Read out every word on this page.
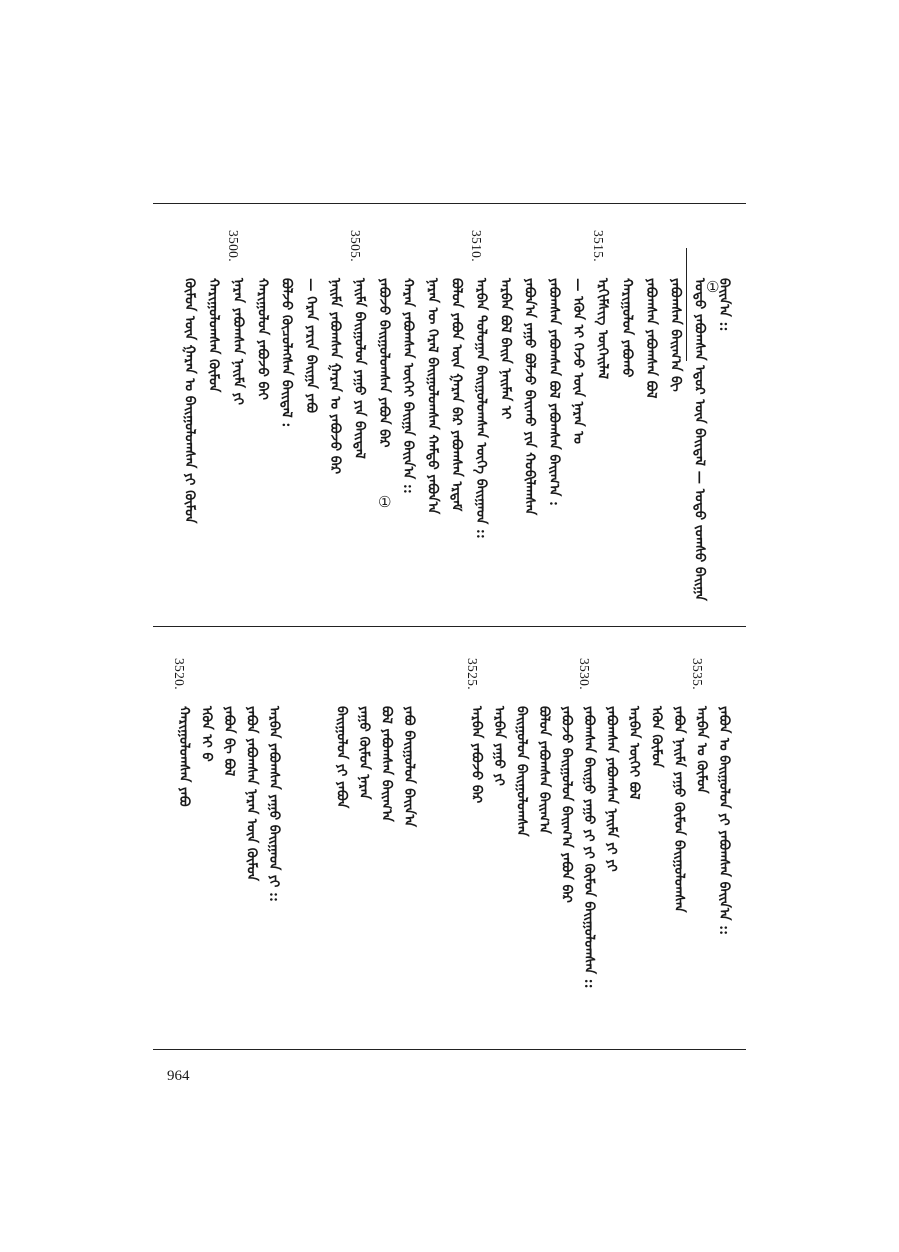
ᠪᠠᠢᠨ᠎ᠠ ::
ᠤᠳᠤ ᠶᠠᠪᠤᠭᠰᠠᠨ ᠡᠳᠦᠷ ᠦᠨ ᠪᠠᠢᠳᠠᠯ — ᠤᠳᠤ ᠵᠣᠭᠰᠤ ᠪᠠᠢᠭᠠ
ᠶᠠᠪᠤᠭᠰᠠᠨ ᠪᠠᠢᠭ᠎ᠠ ᠪᠢ
ᠶᠠᠪᠤᠭᠰᠠᠨ ᠶᠠᠪᠤᠭᠰᠠᠨ ᠪᠣᠯ
ᠬᠠᠷᠢᠭᠤᠯᠤᠨ ᠶᠠᠪᠤᠬᠤ
3515.
ᠡᠷᠬᠢᠮᠰᠢᠭ ᠦᠭᠡᠢᠯᠡᠯ
— ᠡᠭᠦᠨ ᠢ ᠭᠡᠵᠦ ᠦᠨ ᠨᠠᠷᠠᠨ ᠤ
ᠶᠠᠪᠤᠭᠰᠠᠨ ᠶᠠᠪᠤᠭᠰᠠᠨ ᠪᠣᠯ ᠶᠠᠪᠤᠭᠰᠠᠨ ᠪᠠᠢᠭ᠎ᠠ :
ᠶᠠᠪᠤᠨ᠎ᠠ ᠶᠠᠭᠤ ᠪᠣᠯᠵᠤ ᠪᠠᠢᠬᠤ ᠶᠢᠨ ᠬᠤᠪᠢᠯᠠᠭᠰᠠᠨ
ᠠᠷᠪᠠᠨ ᠪᠣᠯ ᠪᠠᠢᠨ ᠨᠠᠢᠮᠠᠨ ᠢ
3510.
ᠠᠷᠪᠠᠨ ᠳᠣᠯᠣᠭᠠᠨ ᠪᠠᠢᠭᠤᠯᠤᠭᠰᠠᠨ ᠦᠭᠡ ᠪᠠᠢᠭᠠᠳ ::
ᠪᠣᠯᠤᠨ ᠶᠠᠪᠤᠨ ᠦᠨ ᠭᠠᠷᠠᠨ ᠪᠠᠷ ᠶᠠᠪᠤᠭᠰᠠᠨ ᠡᠷᠳᠡᠮ
ᠨᠠᠷᠠᠨ ᠦ ᠭᠡᠷᠡᠯ ᠪᠠᠢᠭᠤᠯᠤᠭᠰᠠᠨ ᠬᠠᠮᠲᠤ ᠶᠠᠪᠤᠨ᠎ᠠ
ᠬᠠᠷᠠᠨ ᠶᠠᠪᠤᠭᠰᠠᠨ ᠦᠭᠡᠢ ᠪᠠᠢᠭᠠ ᠪᠠᠢᠨ᠎ᠠ ::
ᠶᠠᠪᠤᠵᠤ ᠪᠠᠢᠭᠤᠯᠤᠭᠰᠠᠨ ᠶᠠᠪᠤᠨ ᠪᠠᠷ
3505.
ᠨᠠᠢᠮᠠ ᠪᠠᠢᠭᠤᠯᠤᠨ ᠶᠠᠭᠤ ᠶᠢᠨ ᠪᠠᠢᠳᠠᠯ
ᠨᠠᠢᠮᠠ ᠶᠠᠪᠤᠭᠰᠠᠨ ᠭᠠᠷᠠᠨ ᠤ ᠶᠠᠪᠤᠵᠤ ᠪᠠᠷ
— ᠬᠡᠷᠡᠨ ᠶᠠᠷᠢᠨ ᠪᠠᠢᠭᠠ ᠶᠠᠪᠤ
ᠪᠣᠯᠵᠤ ᠬᠦᠴᠦᠯᠡᠭᠰᠡᠨ ᠪᠠᠢᠳᠠᠯ :
ᠬᠠᠷᠢᠭᠤᠯᠤᠨ ᠶᠠᠪᠤᠵᠤ ᠪᠠᠢ
3500.
ᠨᠠᠷᠠᠨ ᠶᠠᠪᠤᠭᠰᠠᠨ ᠨᠠᠢᠮᠠ ᠶᠢ
ᠬᠠᠷᠢᠭᠤᠯᠤᠭᠰᠠᠨ ᠬᠦᠮᠦᠨ
ᠬᠦᠮᠦᠨ ᠦᠨ ᠭᠠᠷᠠᠨ ᠤ ᠪᠠᠢᠭᠤᠯᠤᠭᠰᠠᠨ ᠶᠢ ᠬᠦᠮᠦᠨ
ᠶᠠᠪᠤᠨ ᠤ ᠪᠠᠢᠭᠤᠯᠤᠨ ᠶᠢ ᠶᠠᠪᠤᠭᠰᠠᠨ ᠪᠠᠢᠨ᠎ᠠ ::
3535.
ᠠᠷᠪᠠᠨ ᠤ ᠬᠦᠮᠦᠨ
ᠶᠠᠪᠤᠨ ᠨᠠᠢᠮᠠ ᠶᠠᠭᠤ ᠬᠦᠮᠦᠨ ᠪᠠᠢᠭᠤᠯᠤᠭᠰᠠᠨ
ᠡᠭᠦᠨ ᠬᠦᠮᠦᠨ
ᠠᠷᠪᠠᠨ ᠦᠭᠡᠢ ᠪᠣᠯ
ᠶᠠᠪᠤᠭᠰᠠᠨ ᠶᠠᠪᠤᠭᠰᠠᠨ ᠨᠠᠢᠮᠠ ᠶᠢ ᠶᠢ
3530.
ᠶᠠᠪᠤᠭᠰᠠᠨ ᠪᠠᠢᠭᠤ ᠶᠠᠭᠤ ᠶᠢ ᠶᠢ ᠬᠦᠮᠦᠨ ᠪᠠᠢᠭᠤᠯᠤᠭᠰᠠᠨ ::
ᠶᠠᠪᠤᠵᠤ ᠪᠠᠢᠭᠤᠯᠤᠨ ᠪᠠᠢᠭ᠎ᠠ ᠶᠠᠪᠤᠨ ᠪᠠᠷ
ᠪᠣᠯᠤᠨ ᠶᠠᠪᠤᠭᠰᠠᠨ ᠪᠠᠢᠭ᠎ᠠ
ᠪᠠᠢᠭᠤᠯᠤᠨ ᠪᠠᠢᠭᠤᠯᠤᠭᠰᠠᠨ
ᠠᠷᠪᠠᠨ ᠶᠠᠭᠤ ᠶᠢ
3525.
ᠠᠷᠪᠠᠨ ᠶᠠᠪᠤᠵᠤ ᠪᠠᠷ
ᠶᠠᠪᠤ ᠪᠠᠢᠭᠤᠯᠤᠨ ᠪᠠᠢᠨ᠎ᠠ
ᠪᠣᠯ ᠶᠠᠪᠤᠭᠰᠠᠨ ᠪᠠᠢᠭ᠎ᠠ
ᠶᠠᠭᠤ ᠬᠦᠮᠦᠨ ᠨᠠᠷᠠᠨ
ᠪᠠᠢᠭᠤᠯᠤᠨ ᠶᠢ ᠶᠠᠪᠤᠨ
ᠠᠷᠪᠠᠨ ᠶᠠᠪᠤᠭᠰᠠᠨ ᠶᠠᠭᠤ ᠪᠠᠢᠭᠠᠳ ᠶᠢ ::
ᠶᠠᠪᠤᠨ ᠶᠠᠪᠤᠭᠰᠠᠨ ᠨᠠᠷᠠᠨ ᠦᠨ ᠬᠦᠮᠦᠨ
ᠶᠠᠪᠤᠨ ᠪᠢ ᠪᠣᠯ
ᠡᠭᠦᠨ ᠢ ᠪ
3520.
ᠬᠠᠷᠢᠭᠤᠯᠤᠭᠰᠠᠨ ᠶᠠᠪᠤ
①
①
964
